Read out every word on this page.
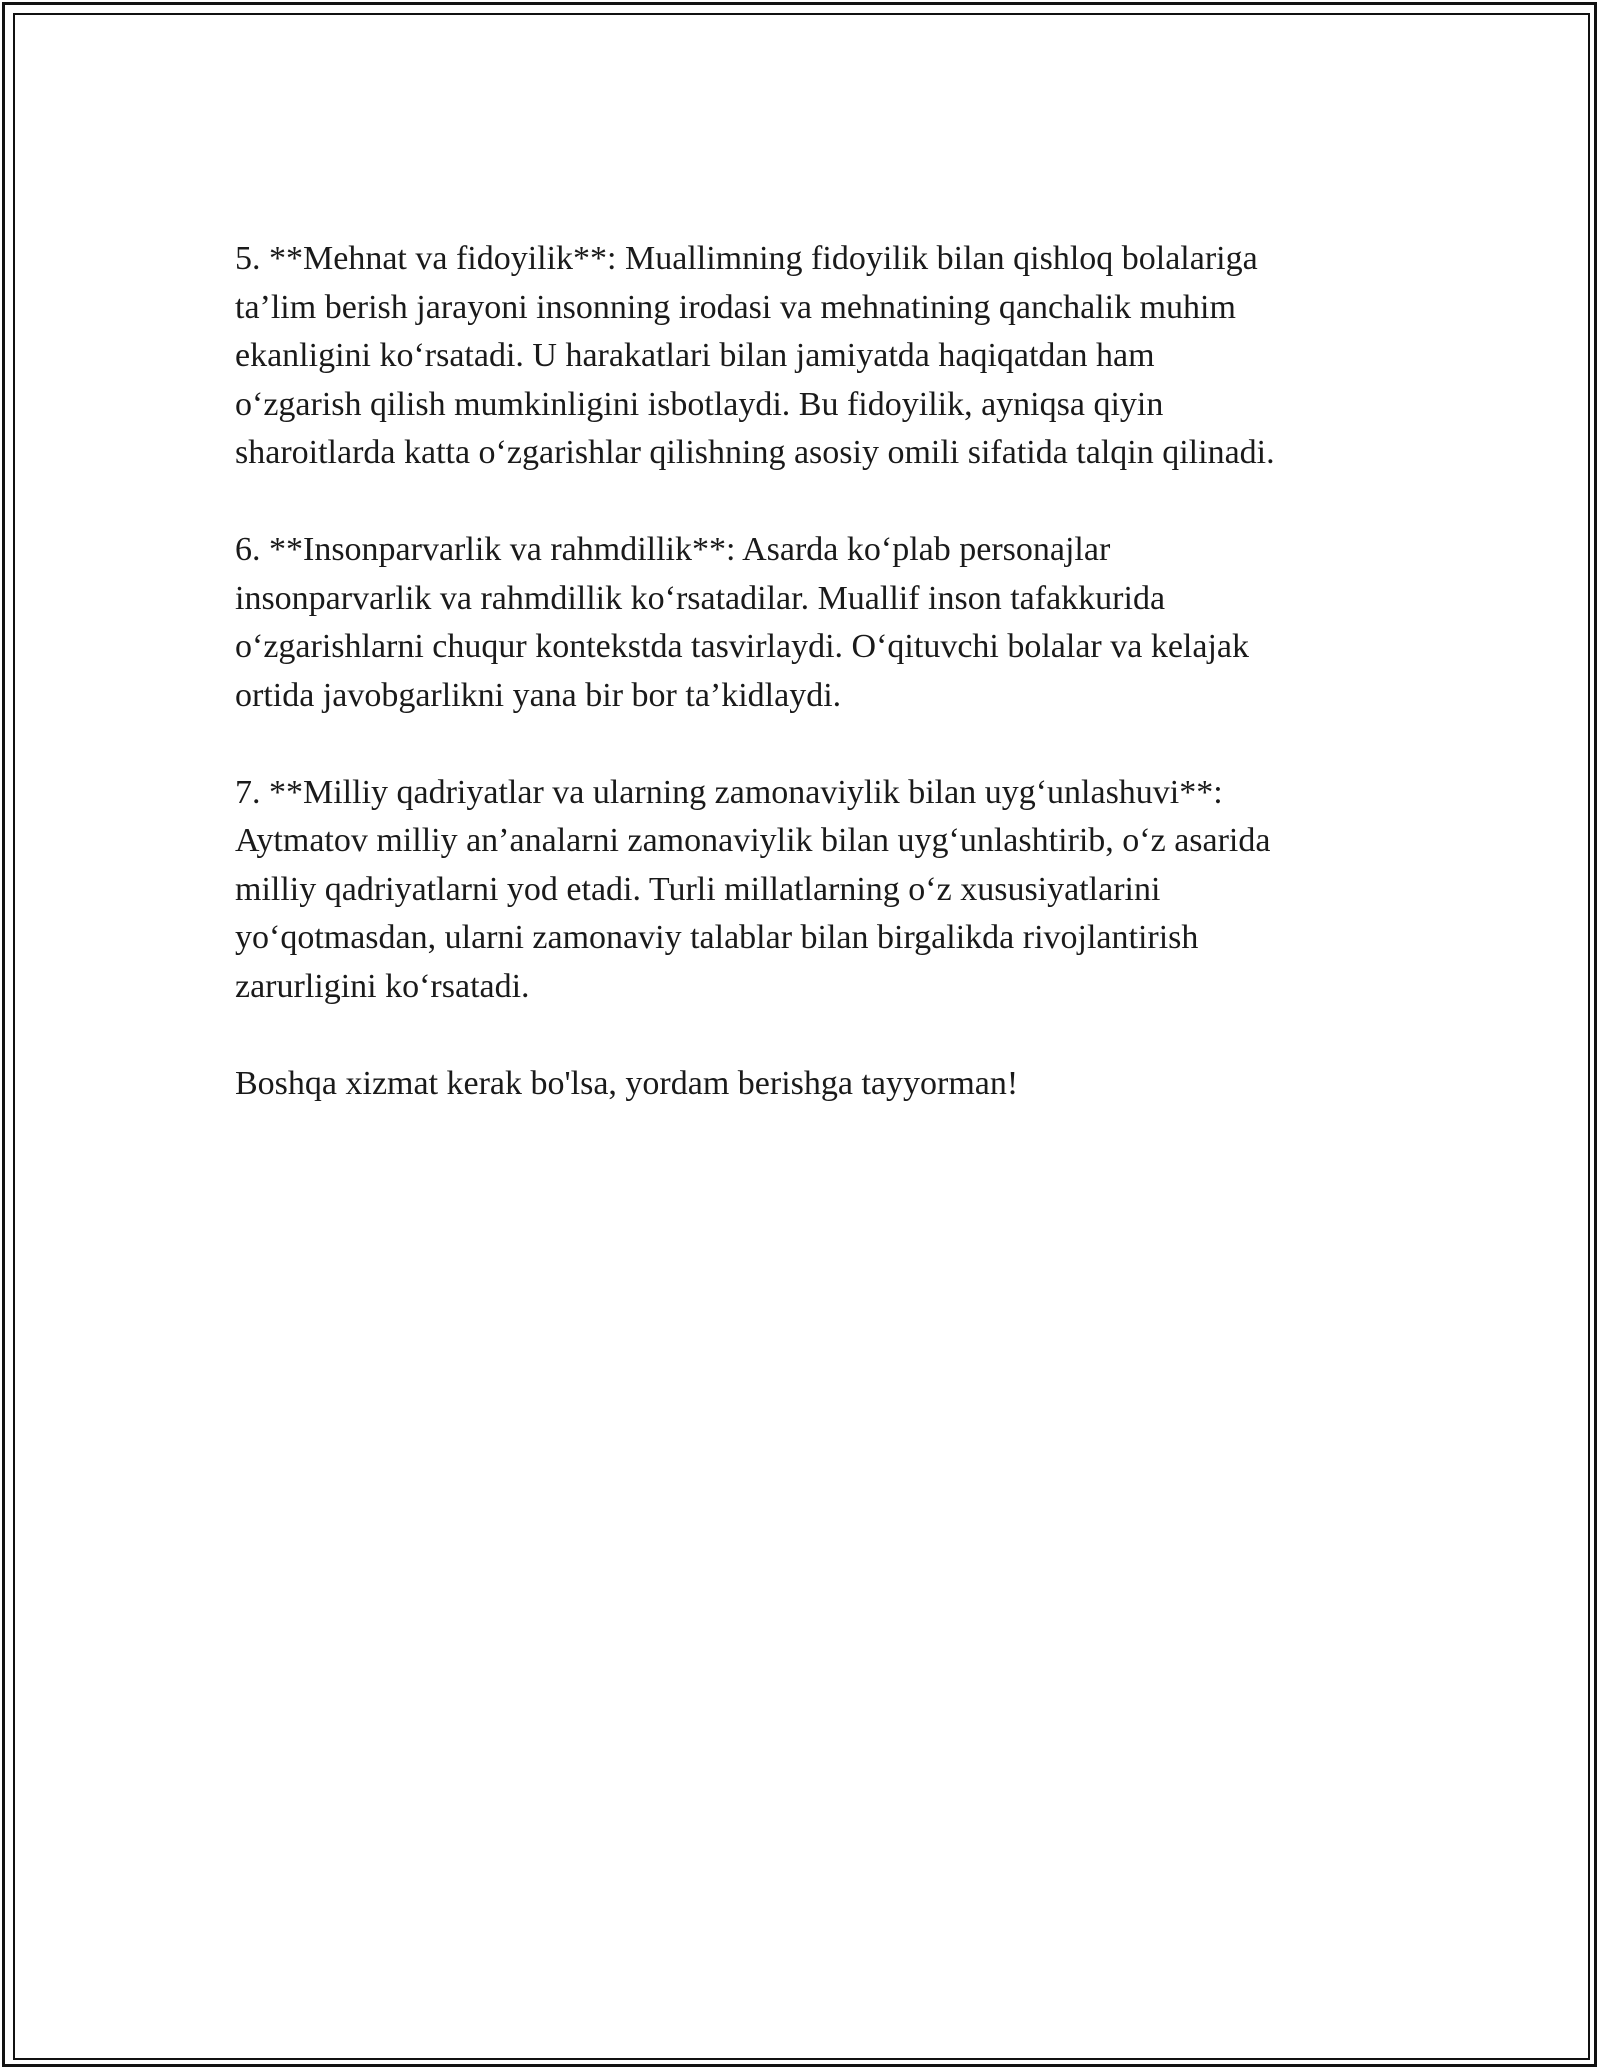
5. **Mehnat va fidoyilik**: Muallimning fidoyilik bilan qishloq bolalariga
ta’lim berish jarayoni insonning irodasi va mehnatining qanchalik muhim
ekanligini ko‘rsatadi. U harakatlari bilan jamiyatda haqiqatdan ham
o‘zgarish qilish mumkinligini isbotlaydi. Bu fidoyilik, ayniqsa qiyin
sharoitlarda katta o‘zgarishlar qilishning asosiy omili sifatida talqin qilinadi.

6. **Insonparvarlik va rahmdillik**: Asarda ko‘plab personajlar
insonparvarlik va rahmdillik ko‘rsatadilar. Muallif inson tafakkurida
o‘zgarishlarni chuqur kontekstda tasvirlaydi. O‘qituvchi bolalar va kelajak
ortida javobgarlikni yana bir bor ta’kidlaydi.

7. **Milliy qadriyatlar va ularning zamonaviylik bilan uyg‘unlashuvi**:
Aytmatov milliy an’analarni zamonaviylik bilan uyg‘unlashtirib, o‘z asarida
milliy qadriyatlarni yod etadi. Turli millatlarning o‘z xususiyatlarini
yo‘qotmasdan, ularni zamonaviy talablar bilan birgalikda rivojlantirish
zarurligini ko‘rsatadi.

Boshqa xizmat kerak bo'lsa, yordam berishga tayyorman!
